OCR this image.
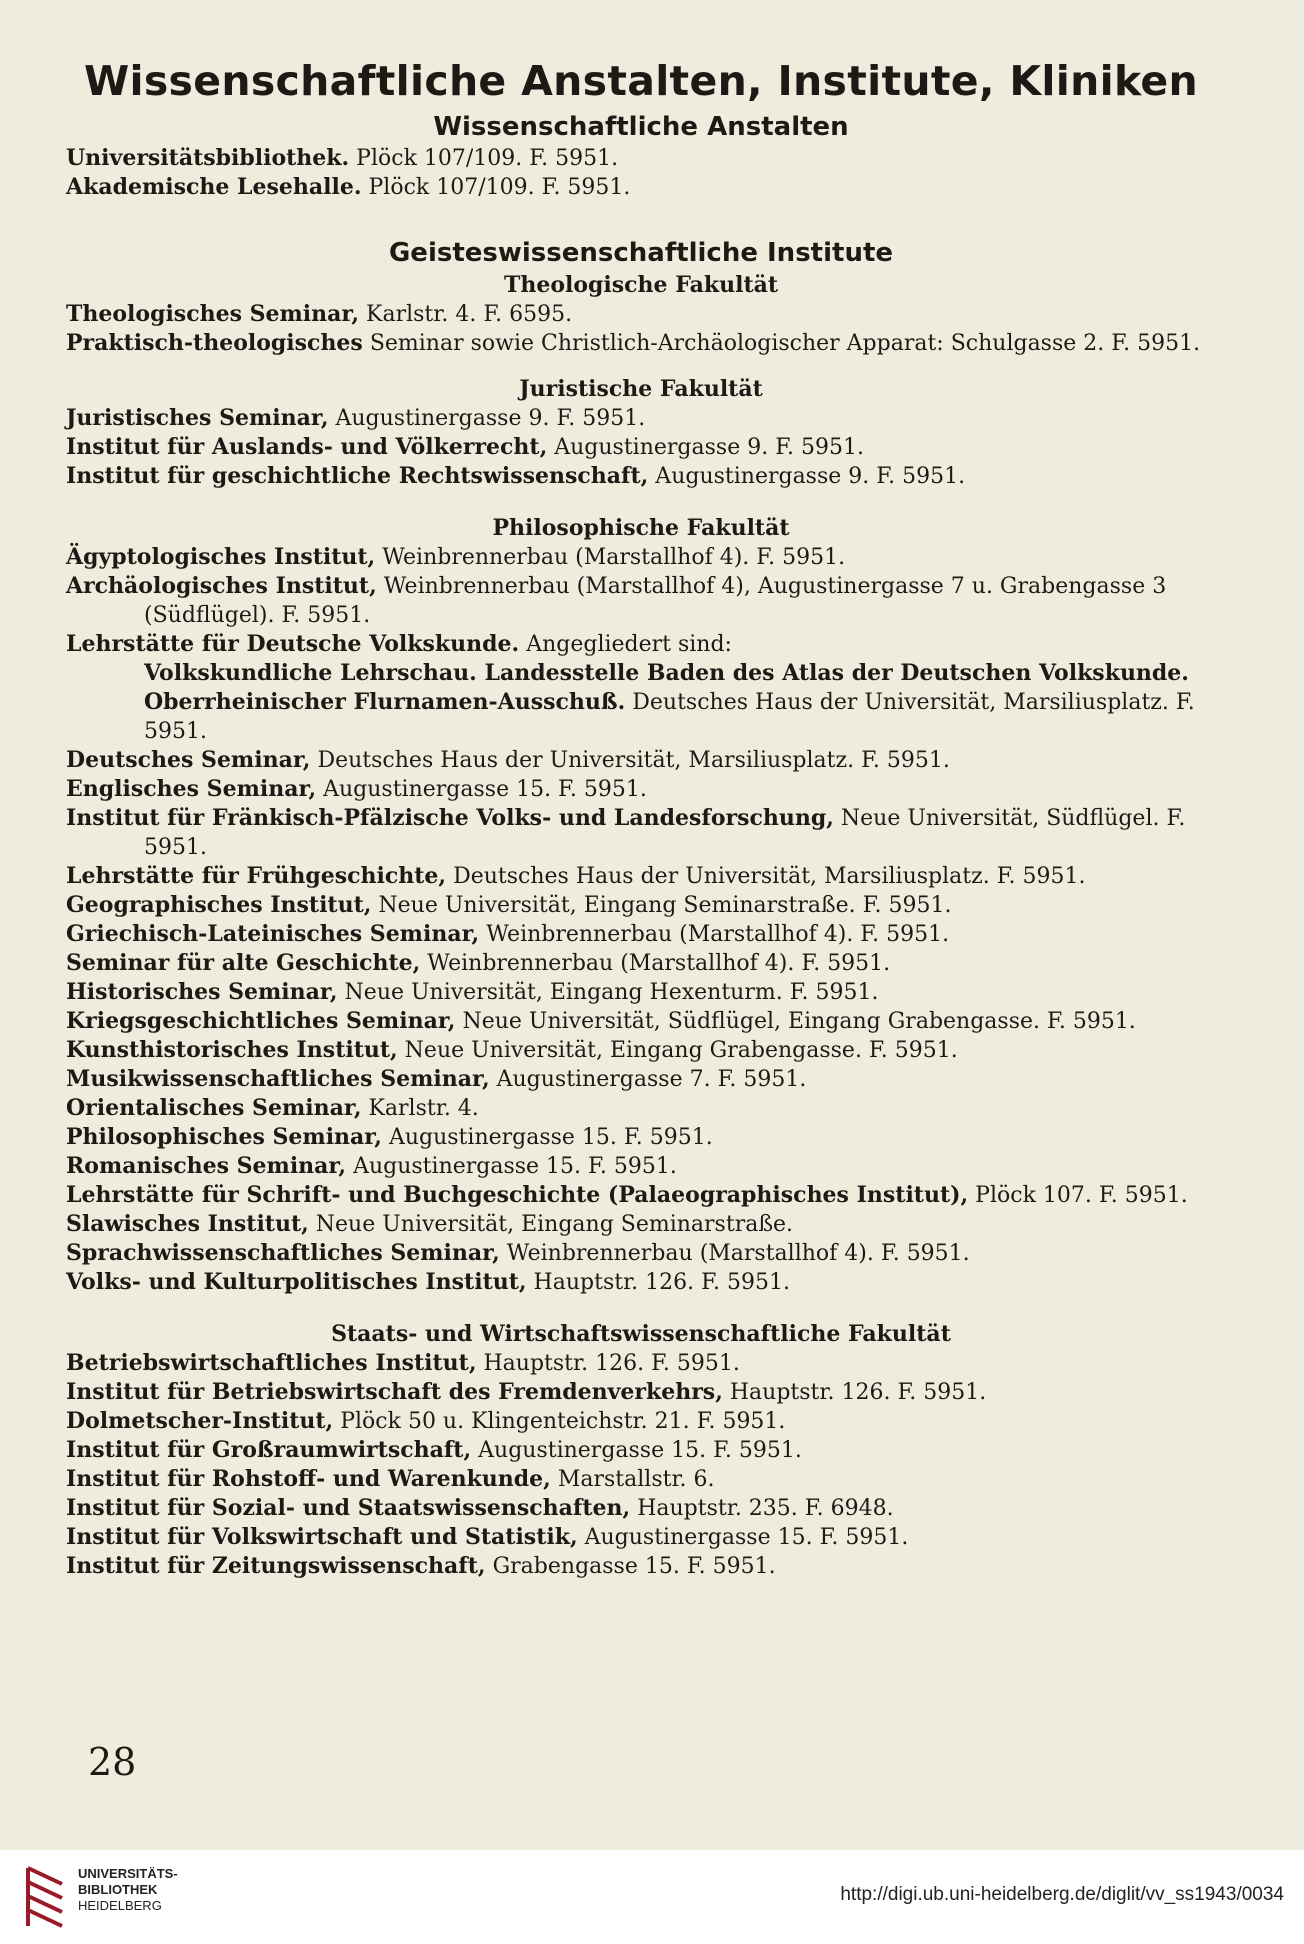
Wissenschaftliche Anstalten, Institute, Kliniken
Wissenschaftliche Anstalten

Universitätsbibliothek. Plöck 107/109. F. 5951.

Akademische Lesehalle. Plöck 107/109. F. 5951.

Geisteswissenschaftliche Institute
Theologische Fakultät

Theologisches Seminar, Karlstr. 4. F. 6595.

Praktisch-theologisches Seminar sowie Christlich-Archäologischer Apparat: Schulgasse 2. F. 5951.

Juristische Fakultät

Juristisches Seminar, Augustinergasse 9. F. 5951.

Institut für Auslands- und Völkerrecht, Augustinergasse 9. F. 5951.

Institut für geschichtliche Rechtswissenschaft, Augustinergasse 9. F. 5951.

Philosophische Fakultät

Ägyptologisches Institut, Weinbrennerbau (Marstallhof 4). F. 5951.

Archäologisches Institut, Weinbrennerbau (Marstallhof 4), Augustinergasse 7 u. Grabengasse 3 (Südflügel). F. 5951.

Lehrstätte für Deutsche Volkskunde. Angegliedert sind:

Volkskundliche Lehrschau. Landesstelle Baden des Atlas der Deutschen Volkskunde. Oberrheinischer Flurnamen-Ausschuß. Deutsches Haus der Universität, Marsiliusplatz. F. 5951.

Deutsches Seminar, Deutsches Haus der Universität, Marsiliusplatz. F. 5951.

Englisches Seminar, Augustinergasse 15. F. 5951.

Institut für Fränkisch-Pfälzische Volks- und Landesforschung, Neue Universität, Südflügel. F. 5951.

Lehrstätte für Frühgeschichte, Deutsches Haus der Universität, Marsiliusplatz. F. 5951.

Geographisches Institut, Neue Universität, Eingang Seminarstraße. F. 5951.

Griechisch-Lateinisches Seminar, Weinbrennerbau (Marstallhof 4). F. 5951.

Seminar für alte Geschichte, Weinbrennerbau (Marstallhof 4). F. 5951.

Historisches Seminar, Neue Universität, Eingang Hexenturm. F. 5951.

Kriegsgeschichtliches Seminar, Neue Universität, Südflügel, Eingang Grabengasse. F. 5951.

Kunsthistorisches Institut, Neue Universität, Eingang Grabengasse. F. 5951.

Musikwissenschaftliches Seminar, Augustinergasse 7. F. 5951.

Orientalisches Seminar, Karlstr. 4.

Philosophisches Seminar, Augustinergasse 15. F. 5951.

Romanisches Seminar, Augustinergasse 15. F. 5951.

Lehrstätte für Schrift- und Buchgeschichte (Palaeographisches Institut), Plöck 107. F. 5951.

Slawisches Institut, Neue Universität, Eingang Seminarstraße.

Sprachwissenschaftliches Seminar, Weinbrennerbau (Marstallhof 4). F. 5951.

Volks- und Kulturpolitisches Institut, Hauptstr. 126. F. 5951.

Staats- und Wirtschaftswissenschaftliche Fakultät

Betriebswirtschaftliches Institut, Hauptstr. 126. F. 5951.

Institut für Betriebswirtschaft des Fremdenverkehrs, Hauptstr. 126. F. 5951.

Dolmetscher-Institut, Plöck 50 u. Klingenteichstr. 21. F. 5951.

Institut für Großraumwirtschaft, Augustinergasse 15. F. 5951.

Institut für Rohstoff- und Warenkunde, Marstallstr. 6.

Institut für Sozial- und Staatswissenschaften, Hauptstr. 235. F. 6948.

Institut für Volkswirtschaft und Statistik, Augustinergasse 15. F. 5951.

Institut für Zeitungswissenschaft, Grabengasse 15. F. 5951.

28
UNIVERSITÄTS-
BIBLIOTHEK
HEIDELBERG
http://digi.ub.uni-heidelberg.de/diglit/vv_ss1943/0034
